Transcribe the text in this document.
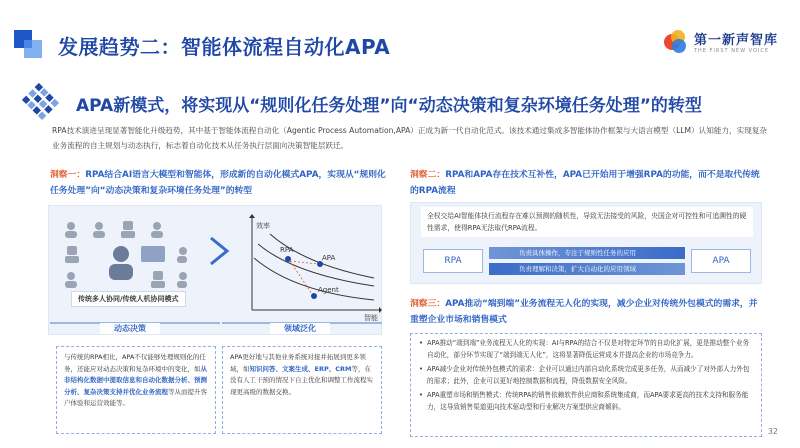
发展趋势二：智能体流程自动化APA	第一新声智库
THE FIRST NEW VOICE
APA新模式，将实现从“规则化任务处理”向“动态决策和复杂环境任务处理”的转型
RPA技术演进呈现显著智能化升级趋势，其中基于智能体流程自动化（Agentic Process Automation,APA）正成为新一代自动化范式。该技术通过集成多智能体协作框架与大语言模型（LLM）认知能力，实现复杂业务流程的自主规划与动态执行，标志着自动化技术从任务执行层面向决策智能层跃迁。
洞察一：RPA结合AI语言大模型和智能体，形成新的自动化模式APA，实现从“规则化任务处理”向“动态决策和复杂环境任务处理”的转型
传统多人协同/传统人机协同模式
效率
智能
RPA
APA
Agent
动态决策	领域泛化
与传统的RPA相比，APA不仅能够处理规则化的任务，还能应对动态决策和复杂环境中的变化，如从非结构化数据中提取信息和自动化数据分析、预测分析、复杂决策支持并优化业务流程等从而提升客户体验和运营效能等。
APA更好地与其他业务系统对接并拓展到更多领域，如知识问答、文案生成、ERP、CRM等，在没有人工干预的情况下自主优化和调整工作流程实现更高级的数据交换。
洞察二：RPA和APA存在技术互补性，APA已开始用于增强RPA的功能，而不是取代传统的RPA流程
全权交给AI智能体执行流程存在难以预测的随机性，导致无法接受的风险，央国企对可控性和可追溯性的硬性需求，使得RPA无法取代RPA流程。
RPA
负责具体操作，专注于规则性任务的应用
负责理解和决策，扩大自动化的应用领域
APA
洞察三：APA推动“端到端”业务流程无人化的实现，减少企业对传统外包模式的需求，并重塑企业市场和销售模式
• APA推动“端到端”业务流程无人化的实现：AI与RPA的结合不仅是对特定环节的自动化扩展，更是推动整个业务自动化，部分环节实现了“端到端无人化”，这将显著降低运营成本并提高企业的市场竞争力。
• APA减少企业对传统外包模式的需求：企业可以通过内部自动化系统完成更多任务，从而减少了对外部人力外包的需求；此外，企业可以更好地控制数据和流程，降低数据安全风险。
• APA重塑市场和销售模式：传统RPA的销售依赖软件供应商和系统集成商，而APA要求更高的技术支持和服务能力，这导致销售渠道更向技术驱动型和行业解决方案型供应商倾斜。
32
